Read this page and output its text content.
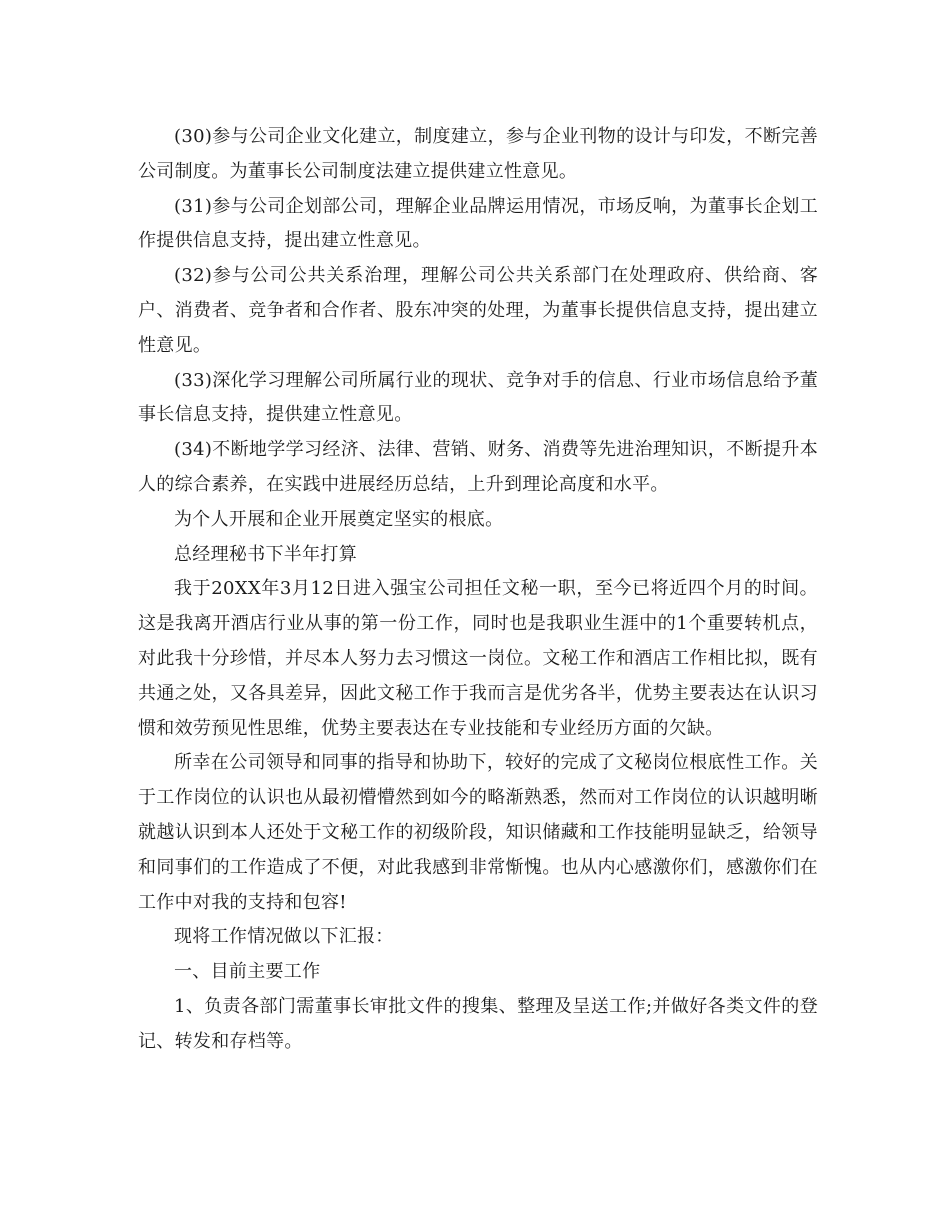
(30)参与公司企业文化建立，制度建立，参与企业刊物的设计与印发，不断完善公司制度。为董事长公司制度法建立提供建立性意见。

(31)参与公司企划部公司，理解企业品牌运用情况，市场反响，为董事长企划工作提供信息支持，提出建立性意见。

(32)参与公司公共关系治理，理解公司公共关系部门在处理政府、供给商、客户、消费者、竞争者和合作者、股东冲突的处理，为董事长提供信息支持，提出建立性意见。

(33)深化学习理解公司所属行业的现状、竞争对手的信息、行业市场信息给予董事长信息支持，提供建立性意见。

(34)不断地学学习经济、法律、营销、财务、消费等先进治理知识，不断提升本人的综合素养，在实践中进展经历总结，上升到理论高度和水平。

为个人开展和企业开展奠定坚实的根底。

总经理秘书下半年打算

我于20XX年3月12日进入强宝公司担任文秘一职，至今已将近四个月的时间。这是我离开酒店行业从事的第一份工作，同时也是我职业生涯中的1个重要转机点，对此我十分珍惜，并尽本人努力去习惯这一岗位。文秘工作和酒店工作相比拟，既有共通之处，又各具差异，因此文秘工作于我而言是优劣各半，优势主要表达在认识习惯和效劳预见性思维，优势主要表达在专业技能和专业经历方面的欠缺。

所幸在公司领导和同事的指导和协助下，较好的完成了文秘岗位根底性工作。关于工作岗位的认识也从最初懵懵然到如今的略渐熟悉，然而对工作岗位的认识越明晰就越认识到本人还处于文秘工作的初级阶段，知识储藏和工作技能明显缺乏，给领导和同事们的工作造成了不便，对此我感到非常惭愧。也从内心感激你们，感激你们在工作中对我的支持和包容!

现将工作情况做以下汇报：

一、目前主要工作

1、负责各部门需董事长审批文件的搜集、整理及呈送工作;并做好各类文件的登记、转发和存档等。
